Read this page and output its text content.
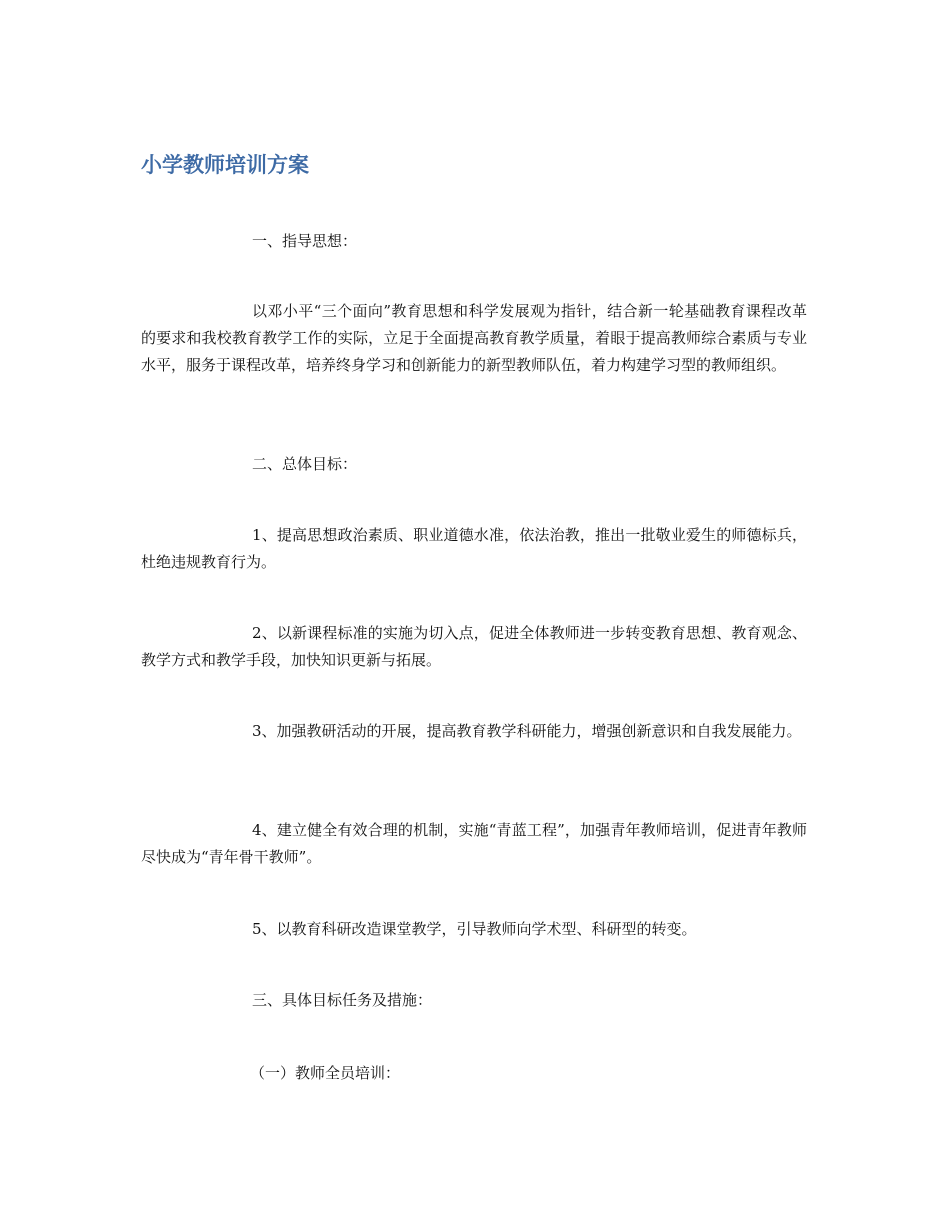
小学教师培训方案

一、指导思想：

以邓小平“三个面向”教育思想和科学发展观为指针，结合新一轮基础教育课程改革的要求和我校教育教学工作的实际，立足于全面提高教育教学质量，着眼于提高教师综合素质与专业水平，服务于课程改革，培养终身学习和创新能力的新型教师队伍，着力构建学习型的教师组织。

二、总体目标：

1、提高思想政治素质、职业道德水准，依法治教，推出一批敬业爱生的师德标兵，杜绝违规教育行为。

2、以新课程标准的实施为切入点，促进全体教师进一步转变教育思想、教育观念、教学方式和教学手段，加快知识更新与拓展。

3、加强教研活动的开展，提高教育教学科研能力，增强创新意识和自我发展能力。

4、建立健全有效合理的机制，实施“青蓝工程”，加强青年教师培训，促进青年教师尽快成为“青年骨干教师”。

5、以教育科研改造课堂教学，引导教师向学术型、科研型的转变。

三、具体目标任务及措施：

（一）教师全员培训：
